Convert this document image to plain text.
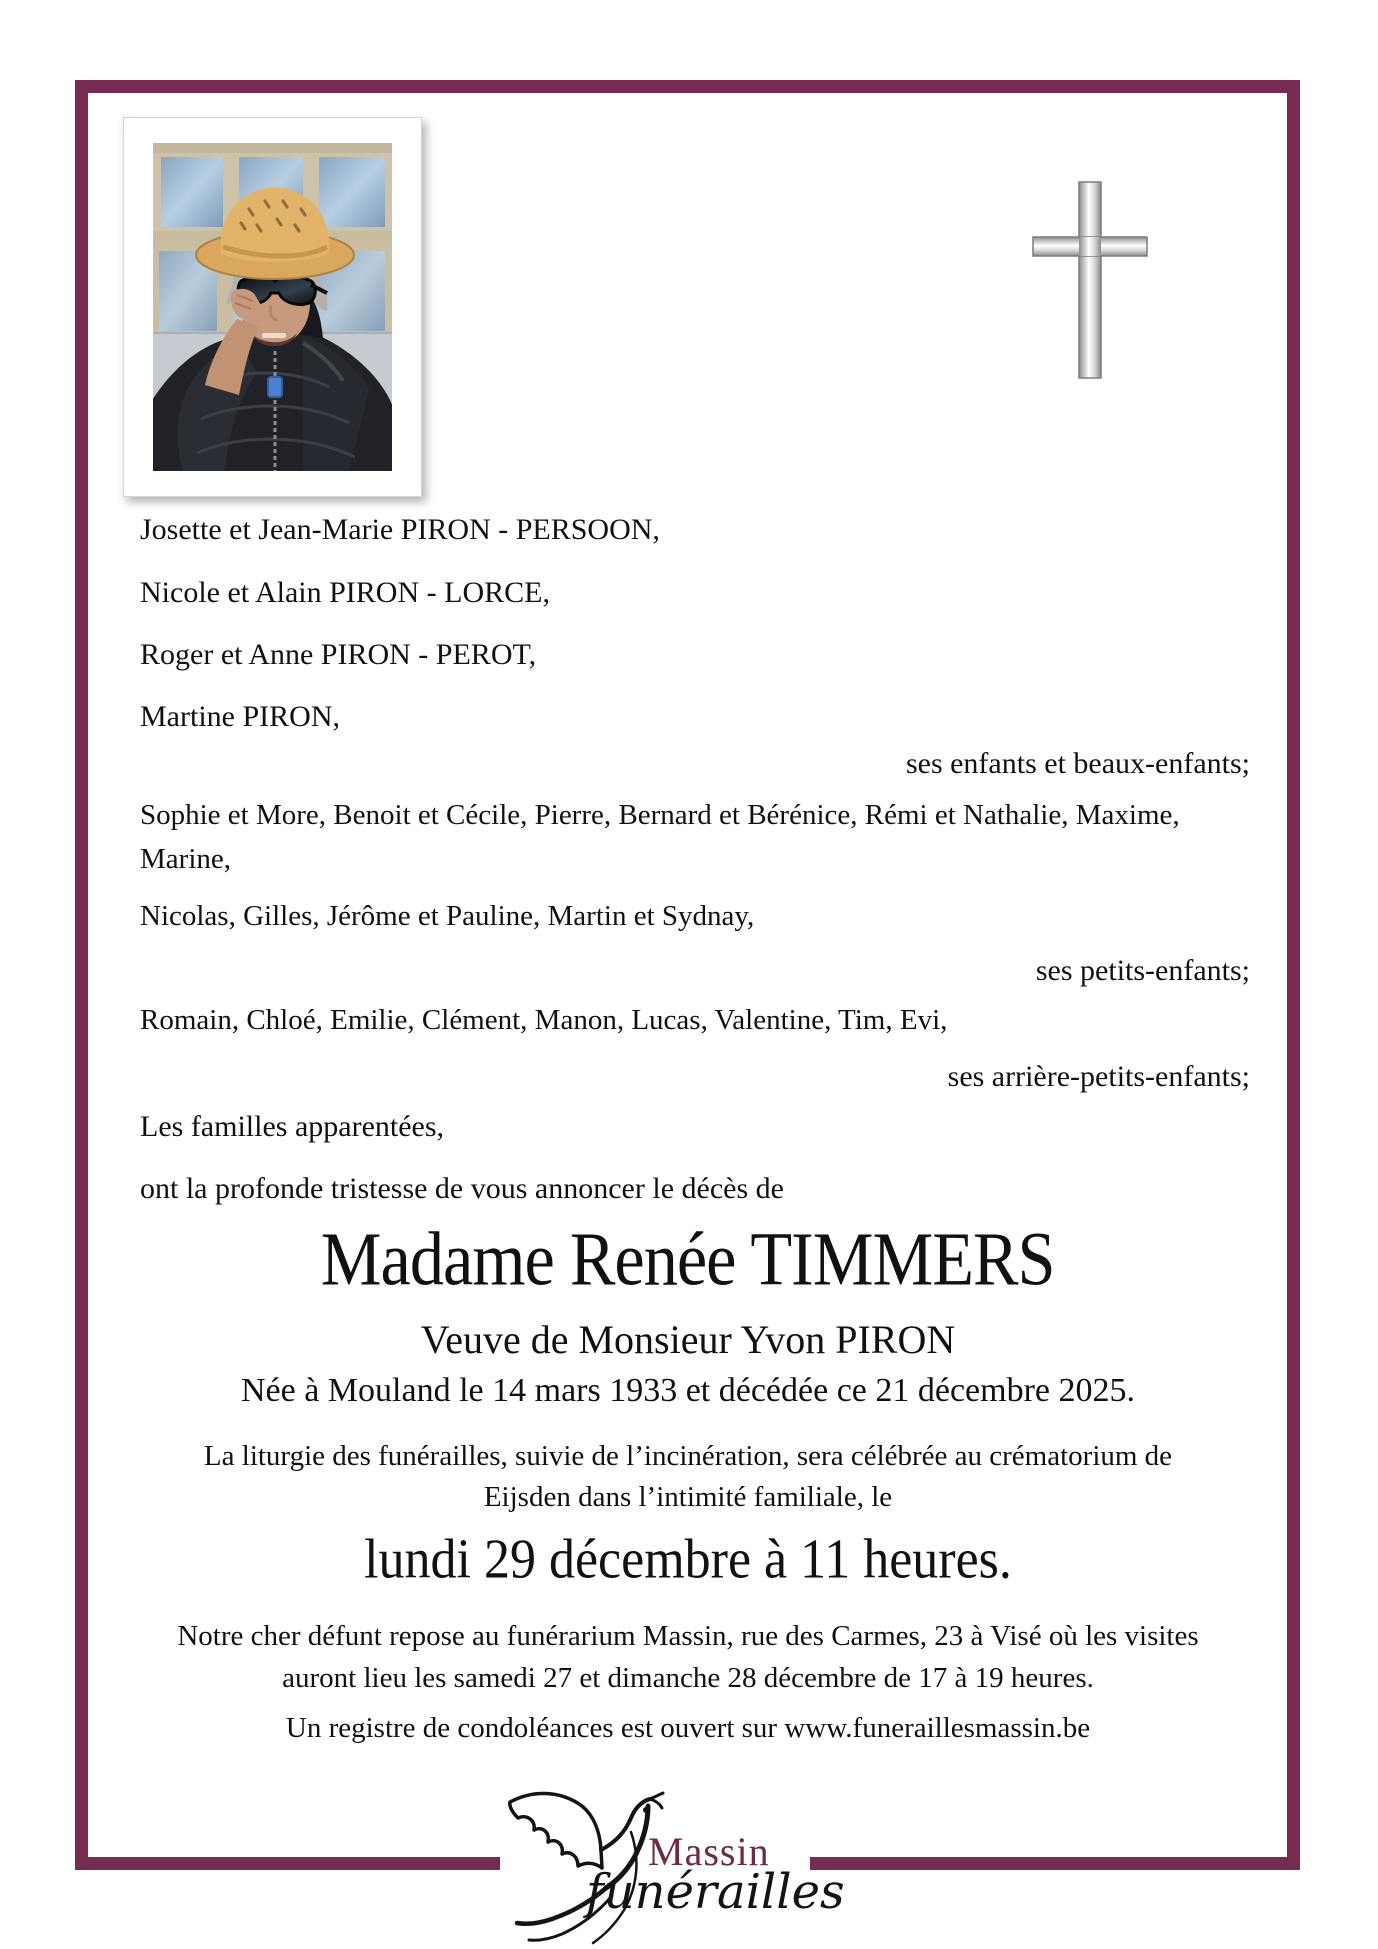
Josette et Jean-Marie PIRON - PERSOON,
Nicole et Alain PIRON - LORCE,
Roger et Anne PIRON - PEROT,
Martine PIRON,
ses enfants et beaux-enfants;
Sophie et More, Benoit et Cécile, Pierre, Bernard et Bérénice, Rémi et Nathalie, Maxime,
Marine,
Nicolas, Gilles, Jérôme et Pauline, Martin et Sydnay,
ses petits-enfants;
Romain, Chloé, Emilie, Clément, Manon, Lucas, Valentine, Tim, Evi,
ses arrière-petits-enfants;
Les familles apparentées,
ont la profonde tristesse de vous annoncer le décès de
Madame Renée TIMMERS
Veuve de Monsieur Yvon PIRON
Née à Mouland le 14 mars 1933 et décédée ce 21 décembre 2025.
La liturgie des funérailles, suivie de l’incinération, sera célébrée au crématorium de
Eijsden dans l’intimité familiale, le
lundi 29 décembre à 11 heures.
Notre cher défunt repose au funérarium Massin, rue des Carmes, 23 à Visé où les visites
auront lieu les samedi 27 et dimanche 28 décembre de 17 à 19 heures.
Un registre de condoléances est ouvert sur www.funeraillesmassin.be
Massin
funérailles
